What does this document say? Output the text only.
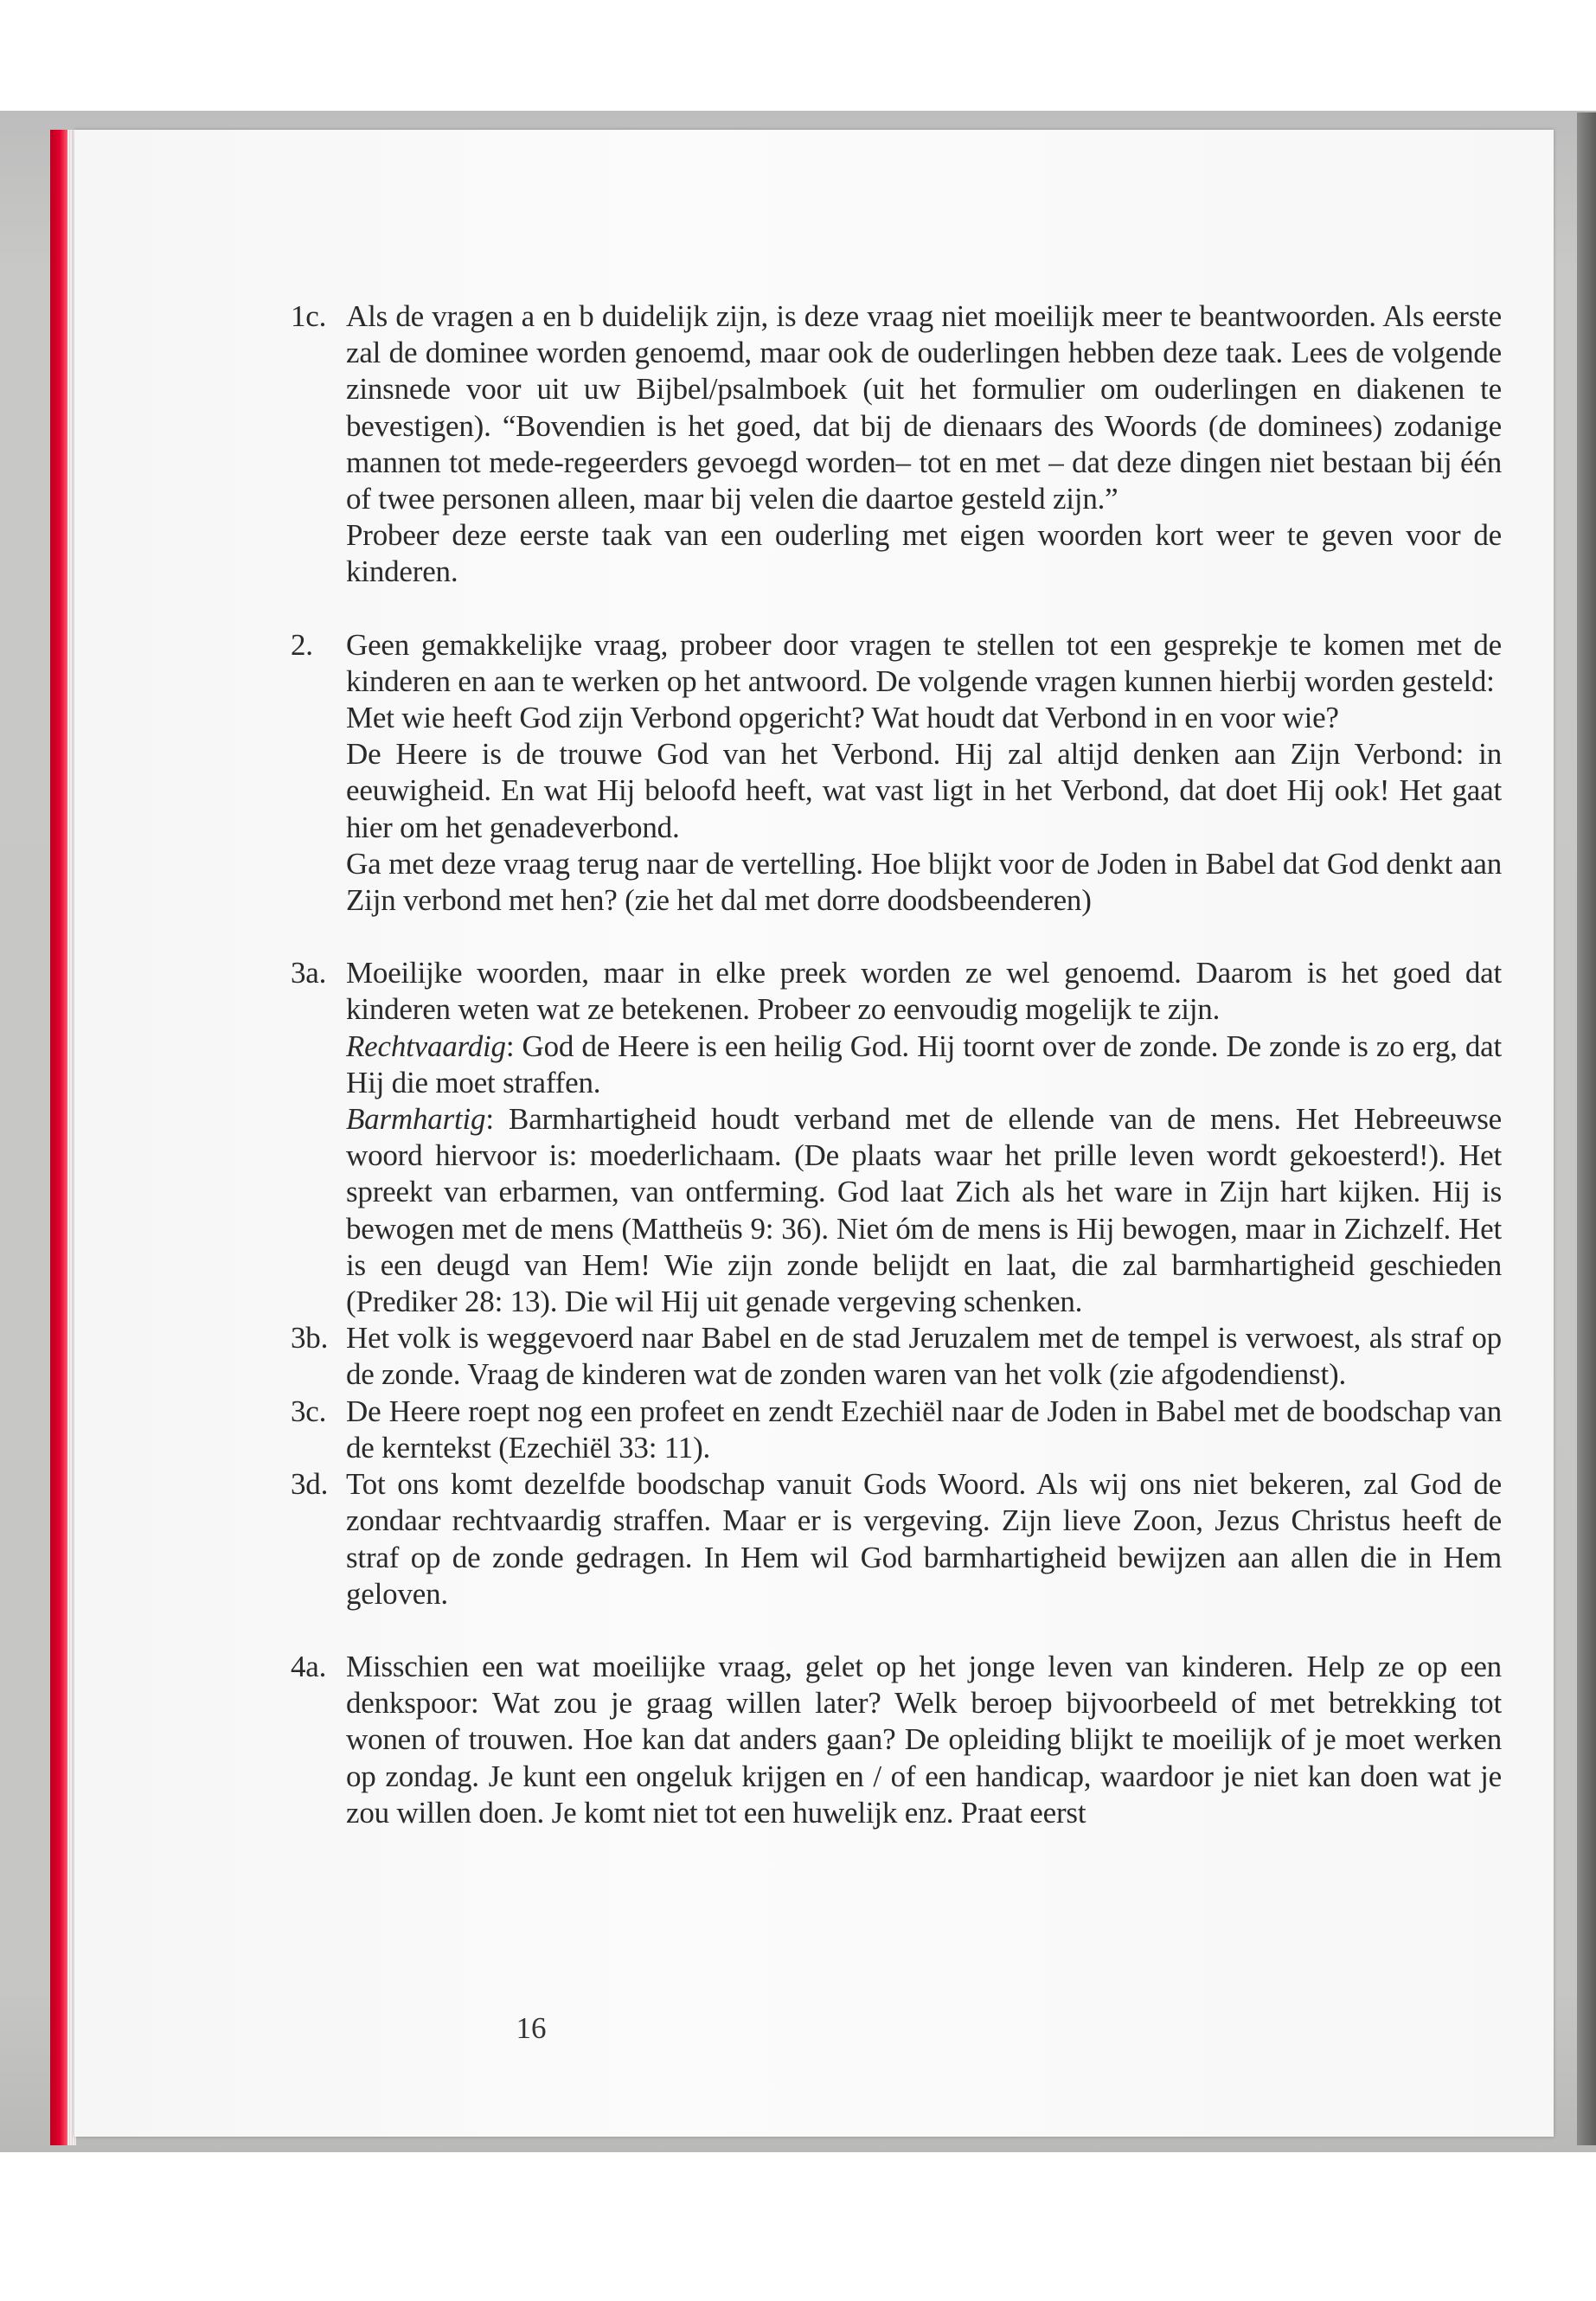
1c. Als de vragen a en b duidelijk zijn, is deze vraag niet moeilijk meer te beantwoorden. Als eerste zal de dominee worden genoemd, maar ook de ouderlingen hebben deze taak. Lees de volgende zinsnede voor uit uw Bijbel/psalmboek (uit het formulier om ouderlingen en diakenen te bevestigen). “Bovendien is het goed, dat bij de dienaars des Woords (de dominees) zodanige mannen tot mede-regeerders gevoegd worden– tot en met – dat deze dingen niet bestaan bij één of twee personen alleen, maar bij velen die daartoe gesteld zijn.”

Probeer deze eerste taak van een ouderling met eigen woorden kort weer te geven voor de kinderen.

2.	Geen gemakkelijke vraag, probeer door vragen te stellen tot een gesprekje te komen met de kinderen en aan te werken op het antwoord. De volgende vragen kunnen hierbij worden gesteld:

Met wie heeft God zijn Verbond opgericht? Wat houdt dat Verbond in en voor wie?

De Heere is de trouwe God van het Verbond. Hij zal altijd denken aan Zijn Verbond: in eeuwigheid. En wat Hij beloofd heeft, wat vast ligt in het Verbond, dat doet Hij ook! Het gaat hier om het genadeverbond.

Ga met deze vraag terug naar de vertelling. Hoe blijkt voor de Joden in Babel dat God denkt aan Zijn verbond met hen? (zie het dal met dorre doodsbeenderen)

3a. Moeilijke woorden, maar in elke preek worden ze wel genoemd. Daarom is het goed dat kinderen weten wat ze betekenen. Probeer zo eenvoudig mogelijk te zijn.

Rechtvaardig: God de Heere is een heilig God. Hij toornt over de zonde. De zonde is zo erg, dat Hij die moet straffen.

Barmhartig: Barmhartigheid houdt verband met de ellende van de mens. Het Hebreeuwse woord hiervoor is: moederlichaam. (De plaats waar het prille leven wordt gekoesterd!). Het spreekt van erbarmen, van ontferming. God laat Zich als het ware in Zijn hart kijken. Hij is bewogen met de mens (Mattheüs 9: 36). Niet óm de mens is Hij bewogen, maar in Zichzelf. Het is een deugd van Hem! Wie zijn zonde belijdt en laat, die zal barmhartigheid geschieden (Prediker 28: 13). Die wil Hij uit genade vergeving schenken.

3b. Het volk is weggevoerd naar Babel en de stad Jeruzalem met de tempel is verwoest, als straf op de zonde. Vraag de kinderen wat de zonden waren van het volk (zie afgodendienst).

3c. De Heere roept nog een profeet en zendt Ezechiël naar de Joden in Babel met de boodschap van de kerntekst (Ezechiël 33: 11).

3d. Tot ons komt dezelfde boodschap vanuit Gods Woord. Als wij ons niet bekeren, zal God de zondaar rechtvaardig straffen. Maar er is vergeving. Zijn lieve Zoon, Jezus Christus heeft de straf op de zonde gedragen. In Hem wil God barmhartigheid bewijzen aan allen die in Hem geloven.

4a. Misschien een wat moeilijke vraag, gelet op het jonge leven van kinderen. Help ze op een denkspoor: Wat zou je graag willen later? Welk beroep bijvoorbeeld of met betrekking tot wonen of trouwen. Hoe kan dat anders gaan? De opleiding blijkt te moeilijk of je moet werken op zondag. Je kunt een ongeluk krijgen en / of een handicap, waardoor je niet kan doen wat je zou willen doen. Je komt niet tot een huwelijk enz. Praat eerst

16
